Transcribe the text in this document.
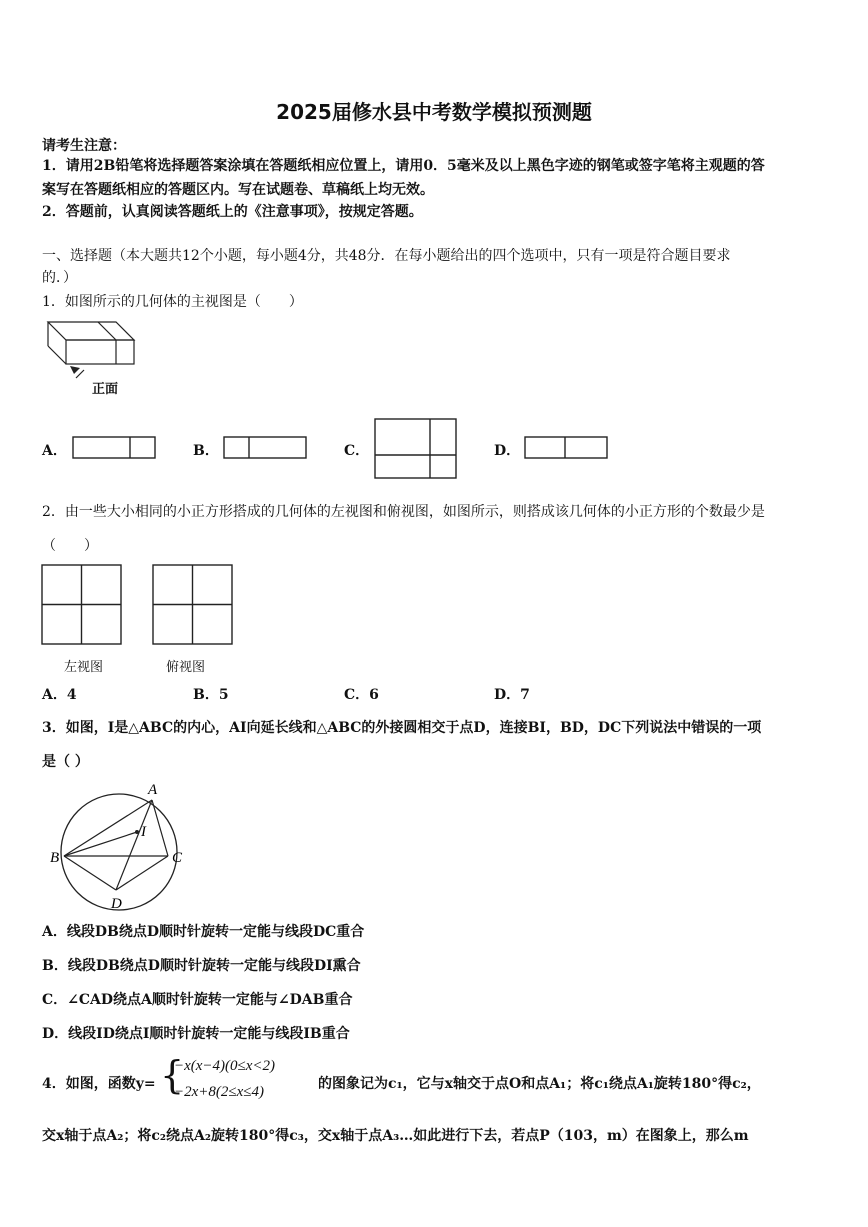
2025届修水县中考数学模拟预测题
请考生注意：
1．请用2B铅笔将选择题答案涂填在答题纸相应位置上，请用0．5毫米及以上黑色字迹的钢笔或签字笔将主观题的答
案写在答题纸相应的答题区内。写在试题卷、草稿纸上均无效。
2．答题前，认真阅读答题纸上的《注意事项》，按规定答题。
一、选择题（本大题共12个小题，每小题4分，共48分．在每小题给出的四个选项中，只有一项是符合题目要求
的．）
1．如图所示的几何体的主视图是（　　）
正面
A．	B．	C．	D．
2．由一些大小相同的小正方形搭成的几何体的左视图和俯视图，如图所示，则搭成该几何体的小正方形的个数最少是
（　　）
左视图	俯视图
A．4	B．5	C．6	D．7
3．如图，I是△ABC的内心，AI向延长线和△ABC的外接圆相交于点D，连接BI，BD，DC下列说法中错误的一项
是（ ）
A
I
B	C
D
A．线段DB绕点D顺时针旋转一定能与线段DC重合
B．线段DB绕点D顺时针旋转一定能与线段DI熏合
C．∠CAD绕点A顺时针旋转一定能与∠DAB重合
D．线段ID绕点I顺时针旋转一定能与线段IB重合
4．如图，函数y= {
−x(x−4)(0≤x<2)
−2x+8(2≤x≤4)	的图象记为c₁，它与x轴交于点O和点A₁；将c₁绕点A₁旋转180°得c₂，
交x轴于点A₂；将c₂绕点A₂旋转180°得c₃，交x轴于点A₃…如此进行下去，若点P（103，m）在图象上，那么m
